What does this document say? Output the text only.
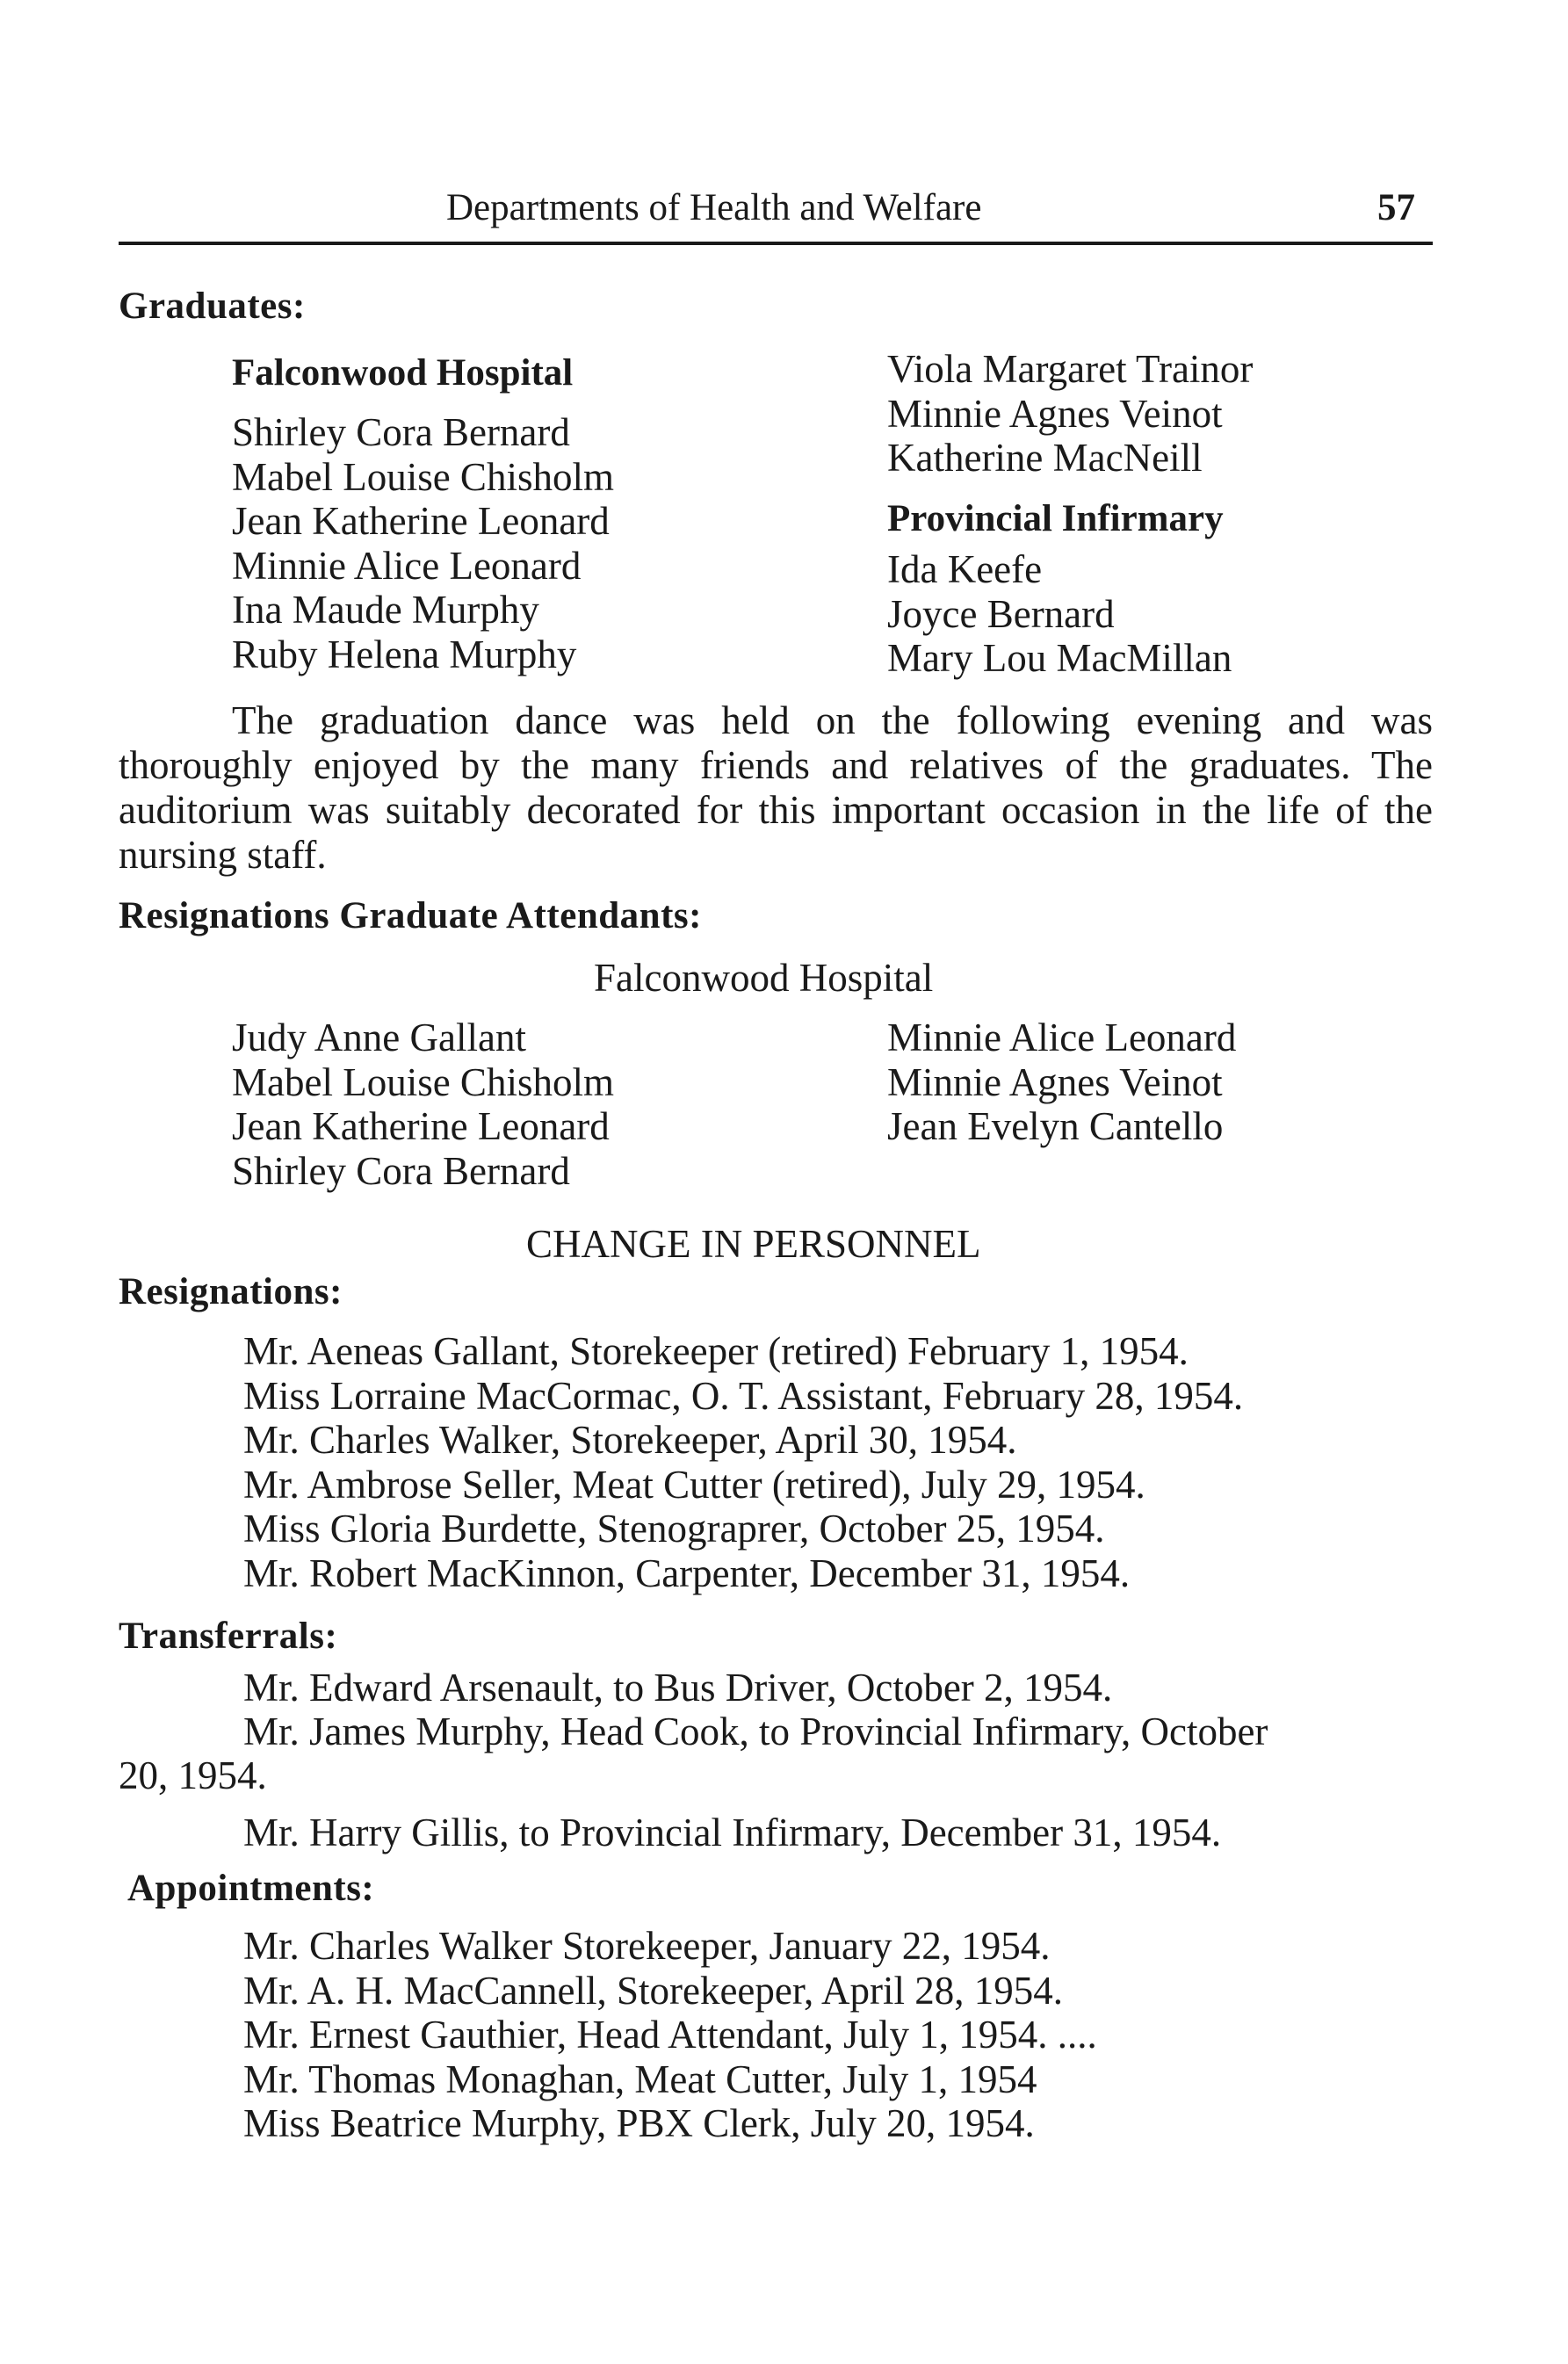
Departments of Health and Welfare	57
Graduates:
Falconwood Hospital
Shirley Cora Bernard
Mabel Louise Chisholm
Jean Katherine Leonard
Minnie Alice Leonard
Ina Maude Murphy
Ruby Helena Murphy
Viola Margaret Trainor
Minnie Agnes Veinot
Katherine MacNeill
Provincial Infirmary
Ida Keefe
Joyce Bernard
Mary Lou MacMillan
The graduation dance was held on the following evening and was thoroughly enjoyed by the many friends and relatives of the graduates. The auditorium was suitably decorated for this important occasion in the life of the nursing staff.
Resignations Graduate Attendants:
Falconwood Hospital
Judy Anne Gallant
Mabel Louise Chisholm
Jean Katherine Leonard
Shirley Cora Bernard
Minnie Alice Leonard
Minnie Agnes Veinot
Jean Evelyn Cantello
CHANGE IN PERSONNEL
Resignations:
Mr. Aeneas Gallant, Storekeeper (retired) February 1, 1954.
Miss Lorraine MacCormac, O. T. Assistant, February 28, 1954.
Mr. Charles Walker, Storekeeper, April 30, 1954.
Mr. Ambrose Seller, Meat Cutter (retired), July 29, 1954.
Miss Gloria Burdette, Stenograprer, October 25, 1954.
Mr. Robert MacKinnon, Carpenter, December 31, 1954.
Transferrals:
Mr. Edward Arsenault, to Bus Driver, October 2, 1954.
Mr. James Murphy, Head Cook, to Provincial Infirmary, October
20, 1954.
Mr. Harry Gillis, to Provincial Infirmary, December 31, 1954.
Appointments:
Mr. Charles Walker Storekeeper, January 22, 1954.
Mr. A. H. MacCannell, Storekeeper, April 28, 1954.
Mr. Ernest Gauthier, Head Attendant, July 1, 1954. ....
Mr. Thomas Monaghan, Meat Cutter, July 1, 1954
Miss Beatrice Murphy, PBX Clerk, July 20, 1954.
